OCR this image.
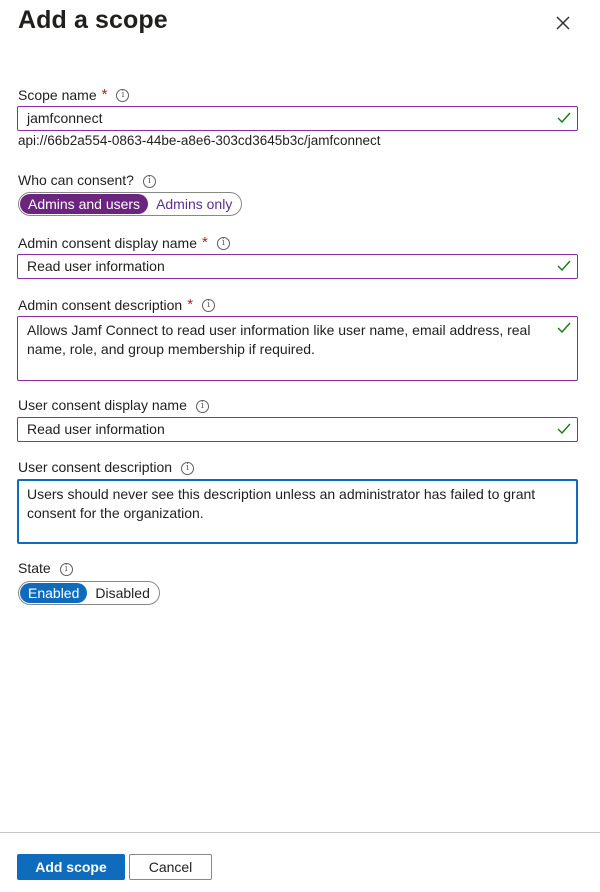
Add a scope
Scope name *	i
jamfconnect
api://66b2a554-0863-44be-a8e6-303cd3645b3c/jamfconnect
Who can consent?	i
Admins and users	Admins only
Admin consent display name *	i
Read user information
Admin consent description *	i
Allows Jamf Connect to read user information like user name, email address, real name, role, and group membership if required.
User consent display name	i
Read user information
User consent description	i
Users should never see this description unless an administrator has failed to grant consent for the organization.
State	i
Enabled	Disabled
Add scope	Cancel
